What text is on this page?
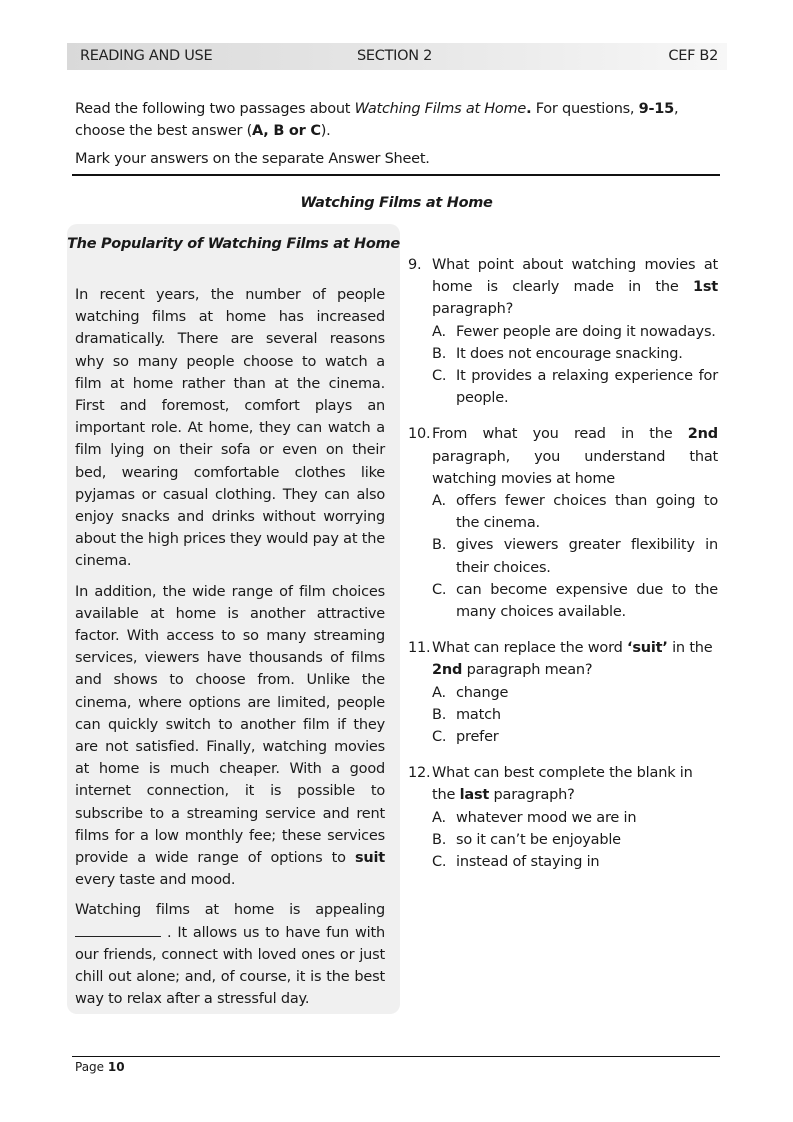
READING AND USE	SECTION 2	CEF B2

Read the following two passages about Watching Films at Home. For questions, 9-15, choose the best answer (A, B or C).

Mark your answers on the separate Answer Sheet.

Watching Films at Home
The Popularity of Watching Films at Home

In recent years, the number of people watching films at home has increased dramatically. There are several reasons why so many people choose to watch a film at home rather than at the cinema. First and foremost, comfort plays an important role. At home, they can watch a film lying on their sofa or even on their bed, wearing comfortable clothes like pyjamas or casual clothing. They can also enjoy snacks and drinks without worrying about the high prices they would pay at the cinema.

In addition, the wide range of film choices available at home is another attractive factor. With access to so many streaming services, viewers have thousands of films and shows to choose from. Unlike the cinema, where options are limited, people can quickly switch to another film if they are not satisfied. Finally, watching movies at home is much cheaper. With a good internet connection, it is possible to subscribe to a streaming service and rent films for a low monthly fee; these services provide a wide range of options to suit every taste and mood.

Watching films at home is appealing  . It allows us to have fun with our friends, connect with loved ones or just chill out alone; and, of course, it is the best way to relax after a stressful day.

9. What point about watching movies at home is clearly made in the 1st paragraph?
A. Fewer people are doing it nowadays.
B. It does not encourage snacking.
C. It provides a relaxing experience for people.
10. From what you read in the 2nd paragraph, you understand that watching movies at home
A. offers fewer choices than going to the cinema.
B. gives viewers greater flexibility in their choices.
C. can become expensive due to the many choices available.
11. What can replace the word ‘suit’ in the
2nd paragraph mean?
A. change
B. match
C. prefer
12. What can best complete the blank in the last paragraph?
A. whatever mood we are in
B. so it can’t be enjoyable
C. instead of staying in
Page 10
